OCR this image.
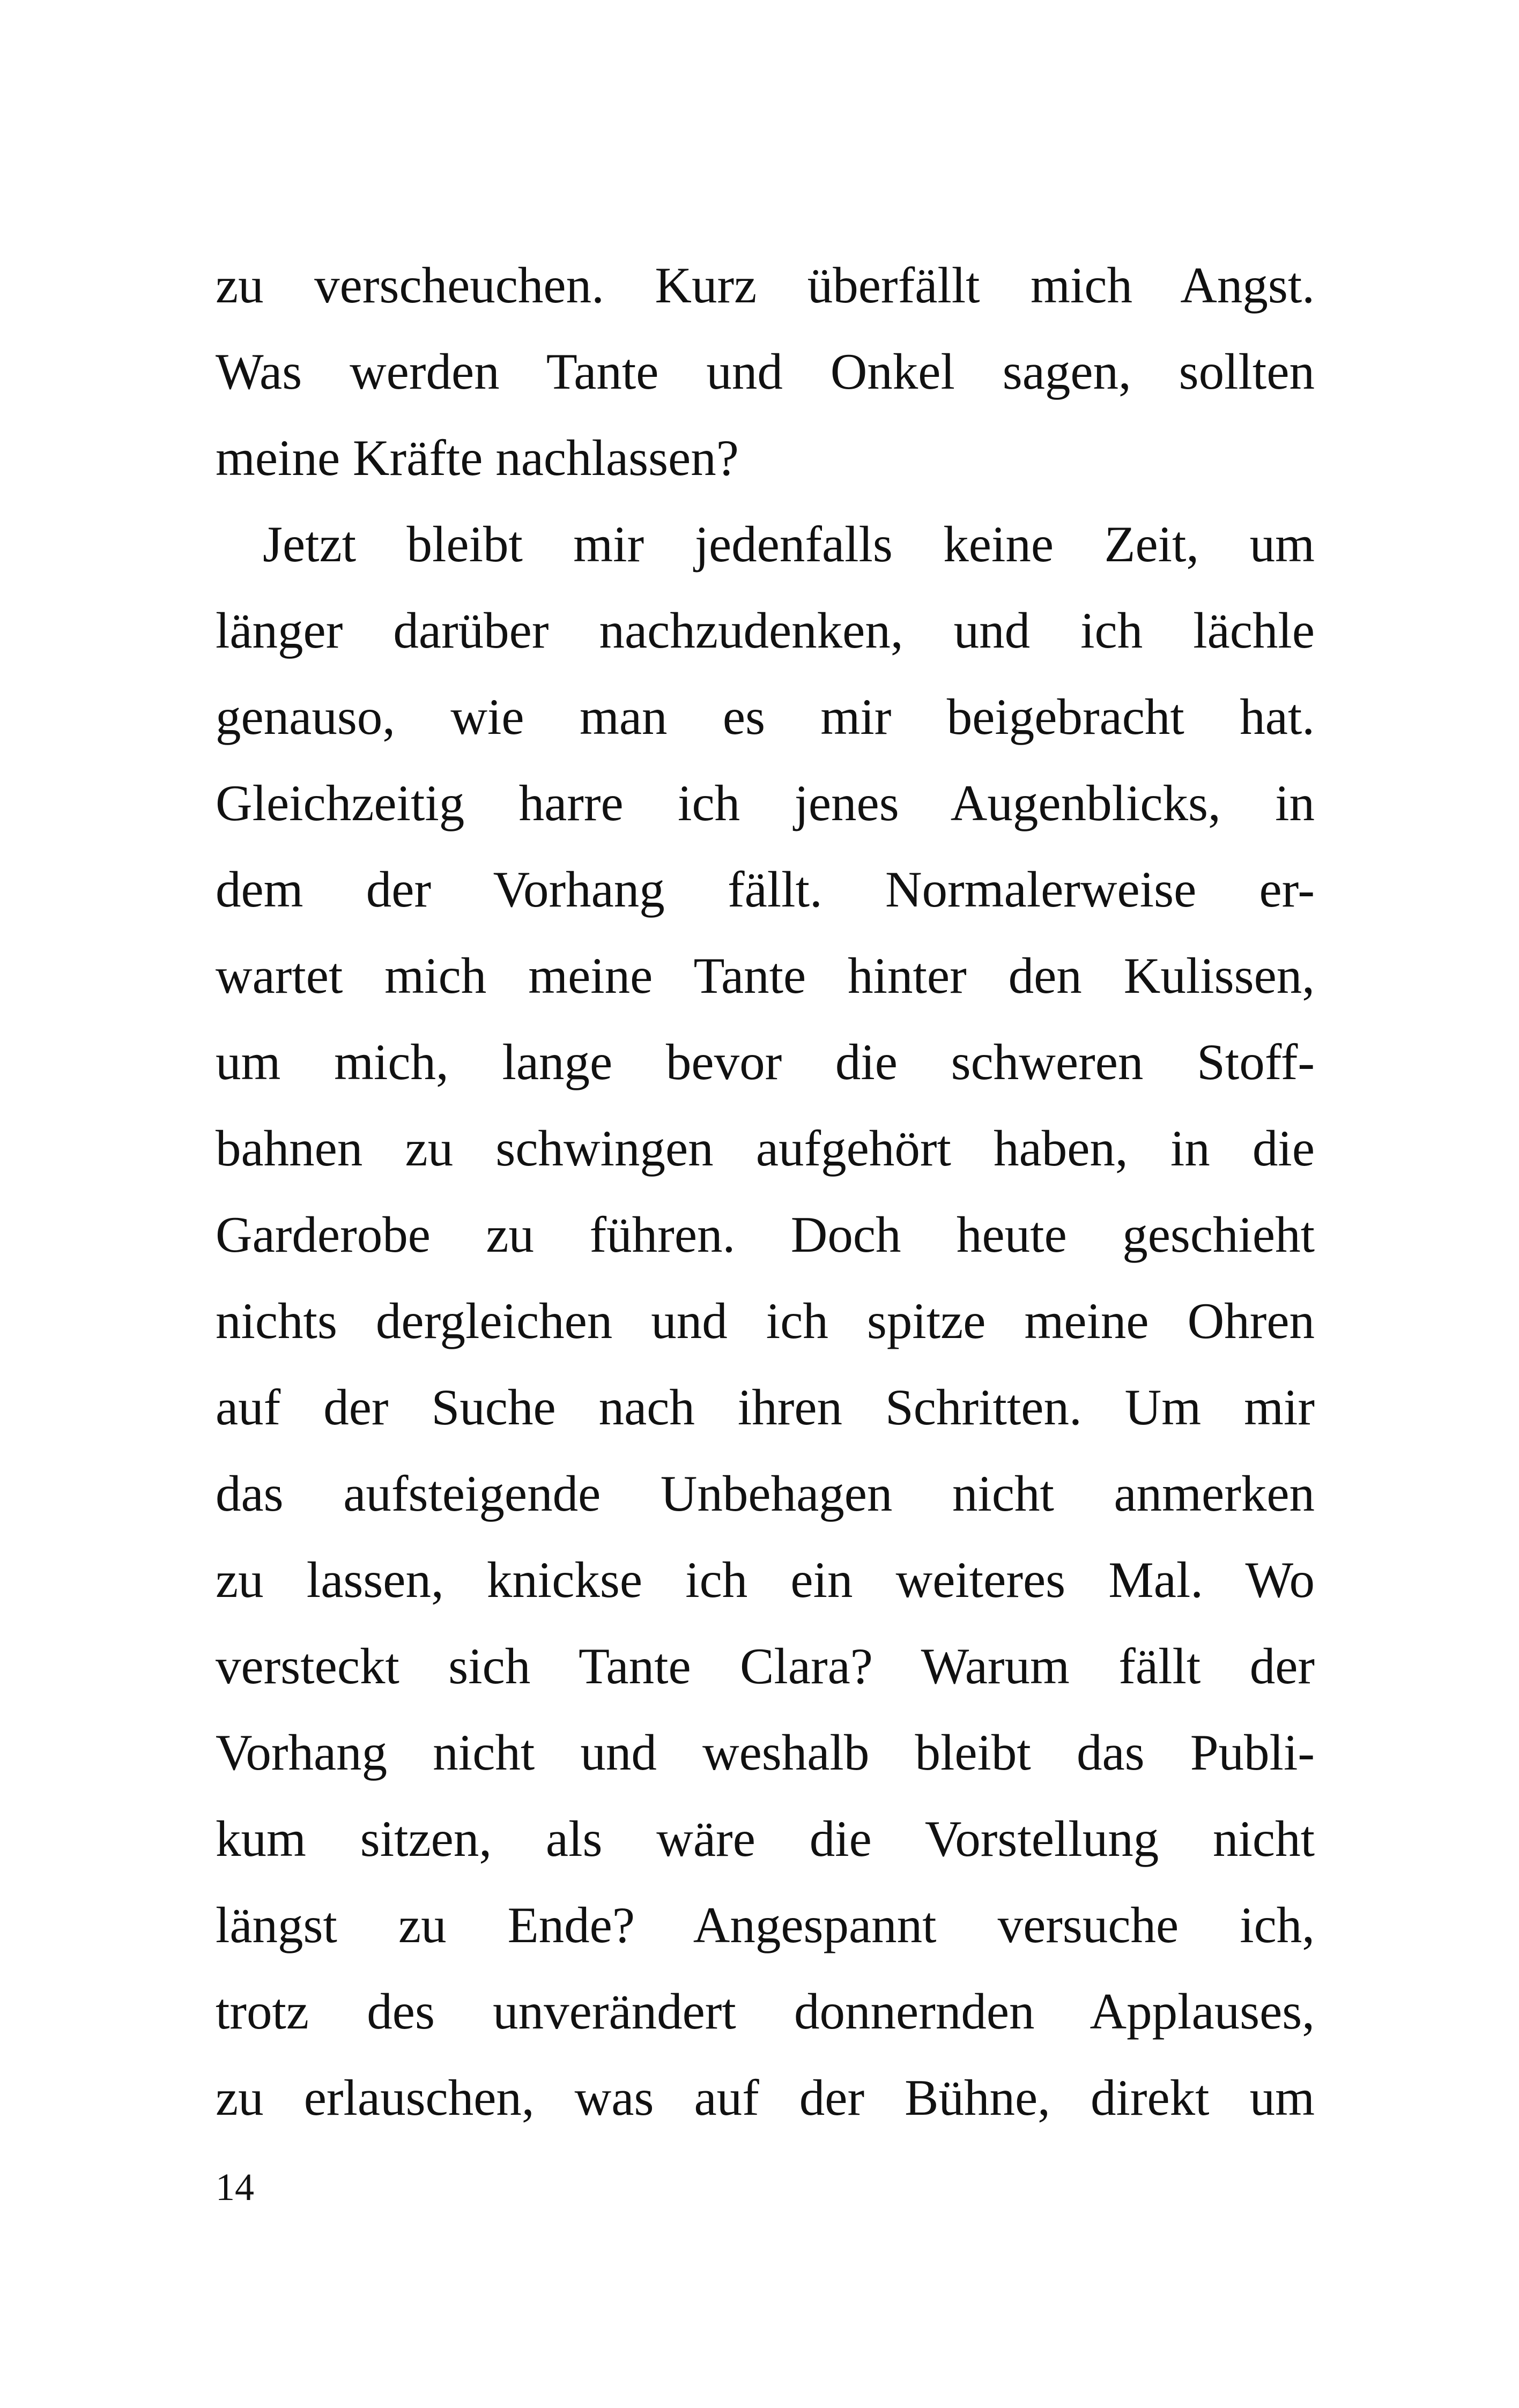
zu verscheuchen. Kurz überfällt mich Angst.
Was werden Tante und Onkel sagen, sollten
meine Kräfte nachlassen?
Jetzt bleibt mir jedenfalls keine Zeit, um
länger darüber nachzudenken, und ich lächle
genauso, wie man es mir beigebracht hat.
Gleichzeitig harre ich jenes Augenblicks, in
dem der Vorhang fällt. Normalerweise er-
wartet mich meine Tante hinter den Kulissen,
um mich, lange bevor die schweren Stoff-
bahnen zu schwingen aufgehört haben, in die
Garderobe zu führen. Doch heute geschieht
nichts dergleichen und ich spitze meine Ohren
auf der Suche nach ihren Schritten. Um mir
das aufsteigende Unbehagen nicht anmerken
zu lassen, knickse ich ein weiteres Mal. Wo
versteckt sich Tante Clara? Warum fällt der
Vorhang nicht und weshalb bleibt das Publi-
kum sitzen, als wäre die Vorstellung nicht
längst zu Ende? Angespannt versuche ich,
trotz des unverändert donnernden Applauses,
zu erlauschen, was auf der Bühne, direkt um
14
